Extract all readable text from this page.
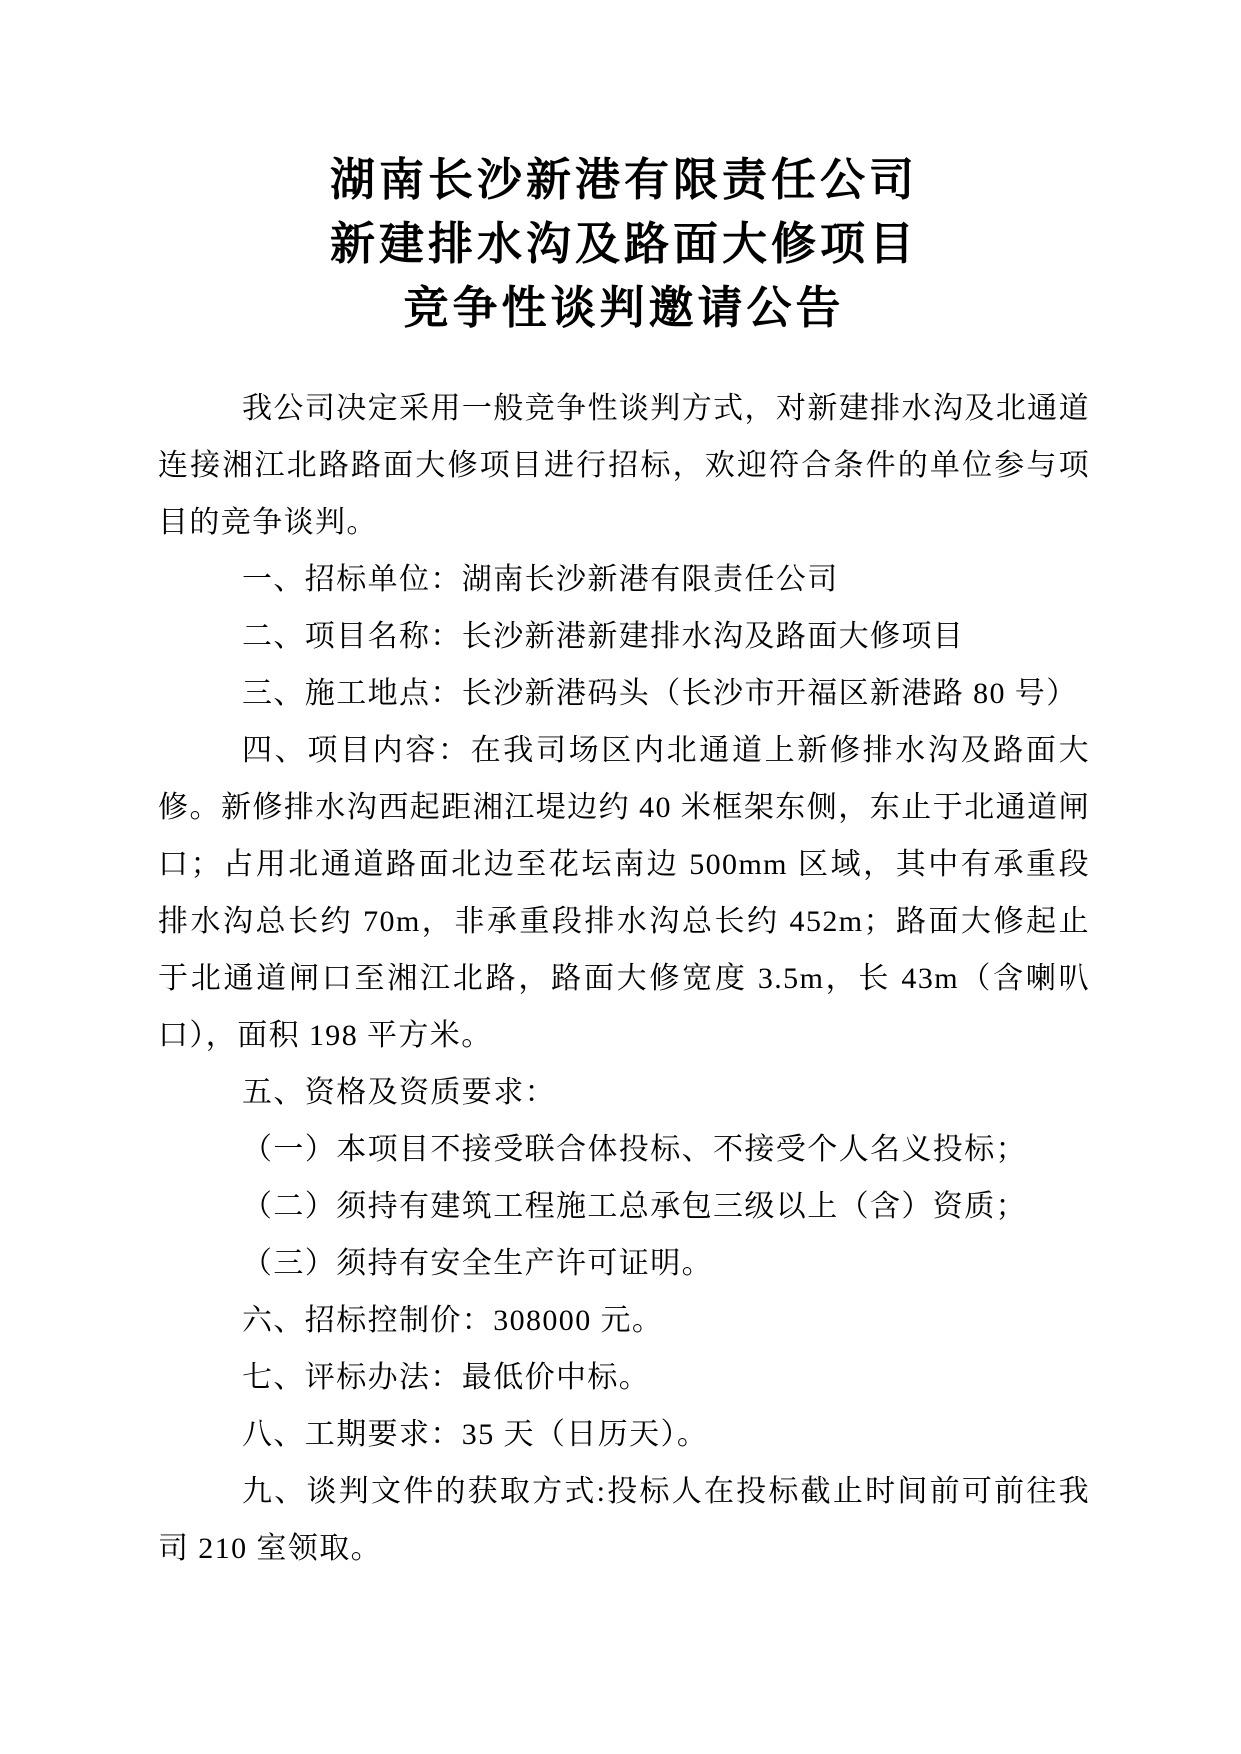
湖南长沙新港有限责任公司
新建排水沟及路面大修项目
竞争性谈判邀请公告

我公司决定采用一般竞争性谈判方式，对新建排水沟及北通道连接湘江北路路面大修项目进行招标，欢迎符合条件的单位参与项目的竞争谈判。

一、招标单位：湖南长沙新港有限责任公司

二、项目名称：长沙新港新建排水沟及路面大修项目

三、施工地点：长沙新港码头（长沙市开福区新港路 80 号）

四、项目内容：在我司场区内北通道上新修排水沟及路面大修。新修排水沟西起距湘江堤边约 40 米框架东侧，东止于北通道闸口；占用北通道路面北边至花坛南边 500mm 区域，其中有承重段排水沟总长约 70m，非承重段排水沟总长约 452m；路面大修起止于北通道闸口至湘江北路，路面大修宽度 3.5m，长 43m（含喇叭口），面积 198 平方米。

五、资格及资质要求：

（一）本项目不接受联合体投标、不接受个人名义投标；

（二）须持有建筑工程施工总承包三级以上（含）资质；

（三）须持有安全生产许可证明。

六、招标控制价：308000 元。

七、评标办法：最低价中标。

八、工期要求：35 天（日历天）。

九、谈判文件的获取方式:投标人在投标截止时间前可前往我司 210 室领取。
